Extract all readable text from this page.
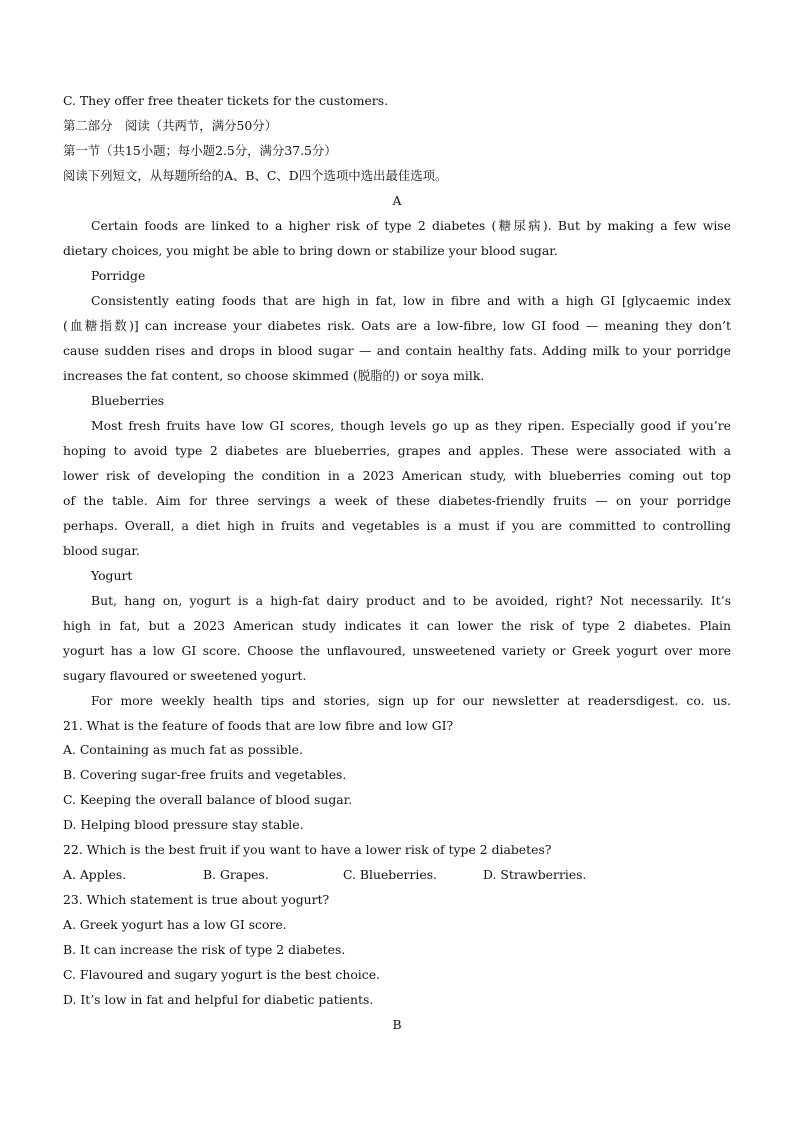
C. They offer free theater tickets for the customers.
第二部分　阅读（共两节，满分50分）
第一节（共15小题；每小题2.5分，满分37.5分）
阅读下列短文，从每题所给的A、B、C、D四个选项中选出最佳选项。
A
Certain foods are linked to a higher risk of type 2 diabetes (糖尿病). But by making a few wise
dietary choices, you might be able to bring down or stabilize your blood sugar.
Porridge
Consistently eating foods that are high in fat, low in fibre and with a high GI [glycaemic index
(血糖指数)] can increase your diabetes risk. Oats are a low-fibre, low GI food — meaning they don’t
cause sudden rises and drops in blood sugar — and contain healthy fats. Adding milk to your porridge
increases the fat content, so choose skimmed (脱脂的) or soya milk.
Blueberries
Most fresh fruits have low GI scores, though levels go up as they ripen. Especially good if you’re
hoping to avoid type 2 diabetes are blueberries, grapes and apples. These were associated with a
lower risk of developing the condition in a 2023 American study, with blueberries coming out top
of the table. Aim for three servings a week of these diabetes-friendly fruits — on your porridge
perhaps. Overall, a diet high in fruits and vegetables is a must if you are committed to controlling
blood sugar.
Yogurt
But, hang on, yogurt is a high-fat dairy product and to be avoided, right? Not necessarily. It’s
high in fat, but a 2023 American study indicates it can lower the risk of type 2 diabetes. Plain
yogurt has a low GI score. Choose the unflavoured, unsweetened variety or Greek yogurt over more
sugary flavoured or sweetened yogurt.
For more weekly health tips and stories, sign up for our newsletter at readersdigest. co. us.
21. What is the feature of foods that are low fibre and low GI?
A. Containing as much fat as possible.
B. Covering sugar-free fruits and vegetables.
C. Keeping the overall balance of blood sugar.
D. Helping blood pressure stay stable.
22. Which is the best fruit if you want to have a lower risk of type 2 diabetes?
A. Apples.	B. Grapes.	C. Blueberries.	D. Strawberries.
23. Which statement is true about yogurt?
A. Greek yogurt has a low GI score.
B. It can increase the risk of type 2 diabetes.
C. Flavoured and sugary yogurt is the best choice.
D. It’s low in fat and helpful for diabetic patients.
B
